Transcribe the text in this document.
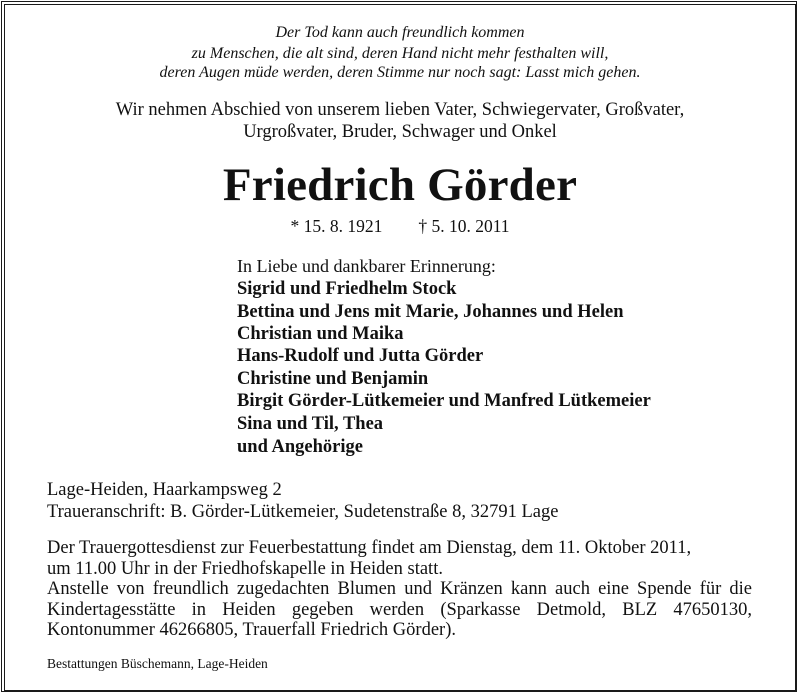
Der Tod kann auch freundlich kommen
zu Menschen, die alt sind, deren Hand nicht mehr festhalten will,
deren Augen müde werden, deren Stimme nur noch sagt: Lasst mich gehen.
Wir nehmen Abschied von unserem lieben Vater, Schwiegervater, Großvater,
Urgroßvater, Bruder, Schwager und Onkel
Friedrich Görder
* 15. 8. 1921 † 5. 10. 2011
In Liebe und dankbarer Erinnerung:
Sigrid und Friedhelm Stock
Bettina und Jens mit Marie, Johannes und Helen
Christian und Maika
Hans-Rudolf und Jutta Görder
Christine und Benjamin
Birgit Görder-Lütkemeier und Manfred Lütkemeier
Sina und Til, Thea
und Angehörige
Lage-Heiden, Haarkampsweg 2
Traueranschrift: B. Görder-Lütkemeier, Sudetenstraße 8, 32791 Lage
Der Trauergottesdienst zur Feuerbestattung findet am Dienstag, dem 11. Oktober 2011,
um 11.00 Uhr in der Friedhofskapelle in Heiden statt.
Anstelle von freundlich zugedachten Blumen und Kränzen kann auch eine Spende für die
Kindertagesstätte in Heiden gegeben werden (Sparkasse Detmold, BLZ 47650130,
Kontonummer 46266805, Trauerfall Friedrich Görder).
Bestattungen Büschemann, Lage-Heiden
